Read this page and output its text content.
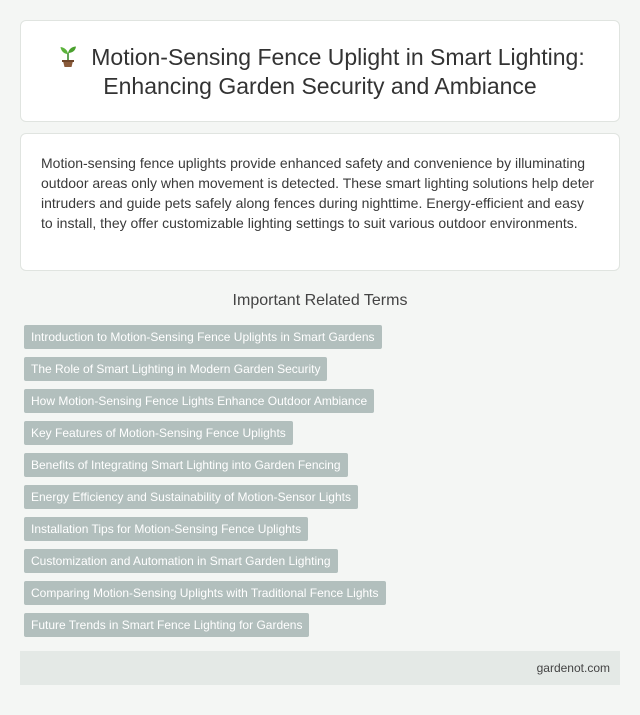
Motion-Sensing Fence Uplight in Smart Lighting: Enhancing Garden Security and Ambiance

Motion-sensing fence uplights provide enhanced safety and convenience by illuminating outdoor areas only when movement is detected. These smart lighting solutions help deter intruders and guide pets safely along fences during nighttime. Energy-efficient and easy to install, they offer customizable lighting settings to suit various outdoor environments.

Important Related Terms
Introduction to Motion-Sensing Fence Uplights in Smart Gardens
The Role of Smart Lighting in Modern Garden Security
How Motion-Sensing Fence Lights Enhance Outdoor Ambiance
Key Features of Motion-Sensing Fence Uplights
Benefits of Integrating Smart Lighting into Garden Fencing
Energy Efficiency and Sustainability of Motion-Sensor Lights
Installation Tips for Motion-Sensing Fence Uplights
Customization and Automation in Smart Garden Lighting
Comparing Motion-Sensing Uplights with Traditional Fence Lights
Future Trends in Smart Fence Lighting for Gardens
gardenot.com
